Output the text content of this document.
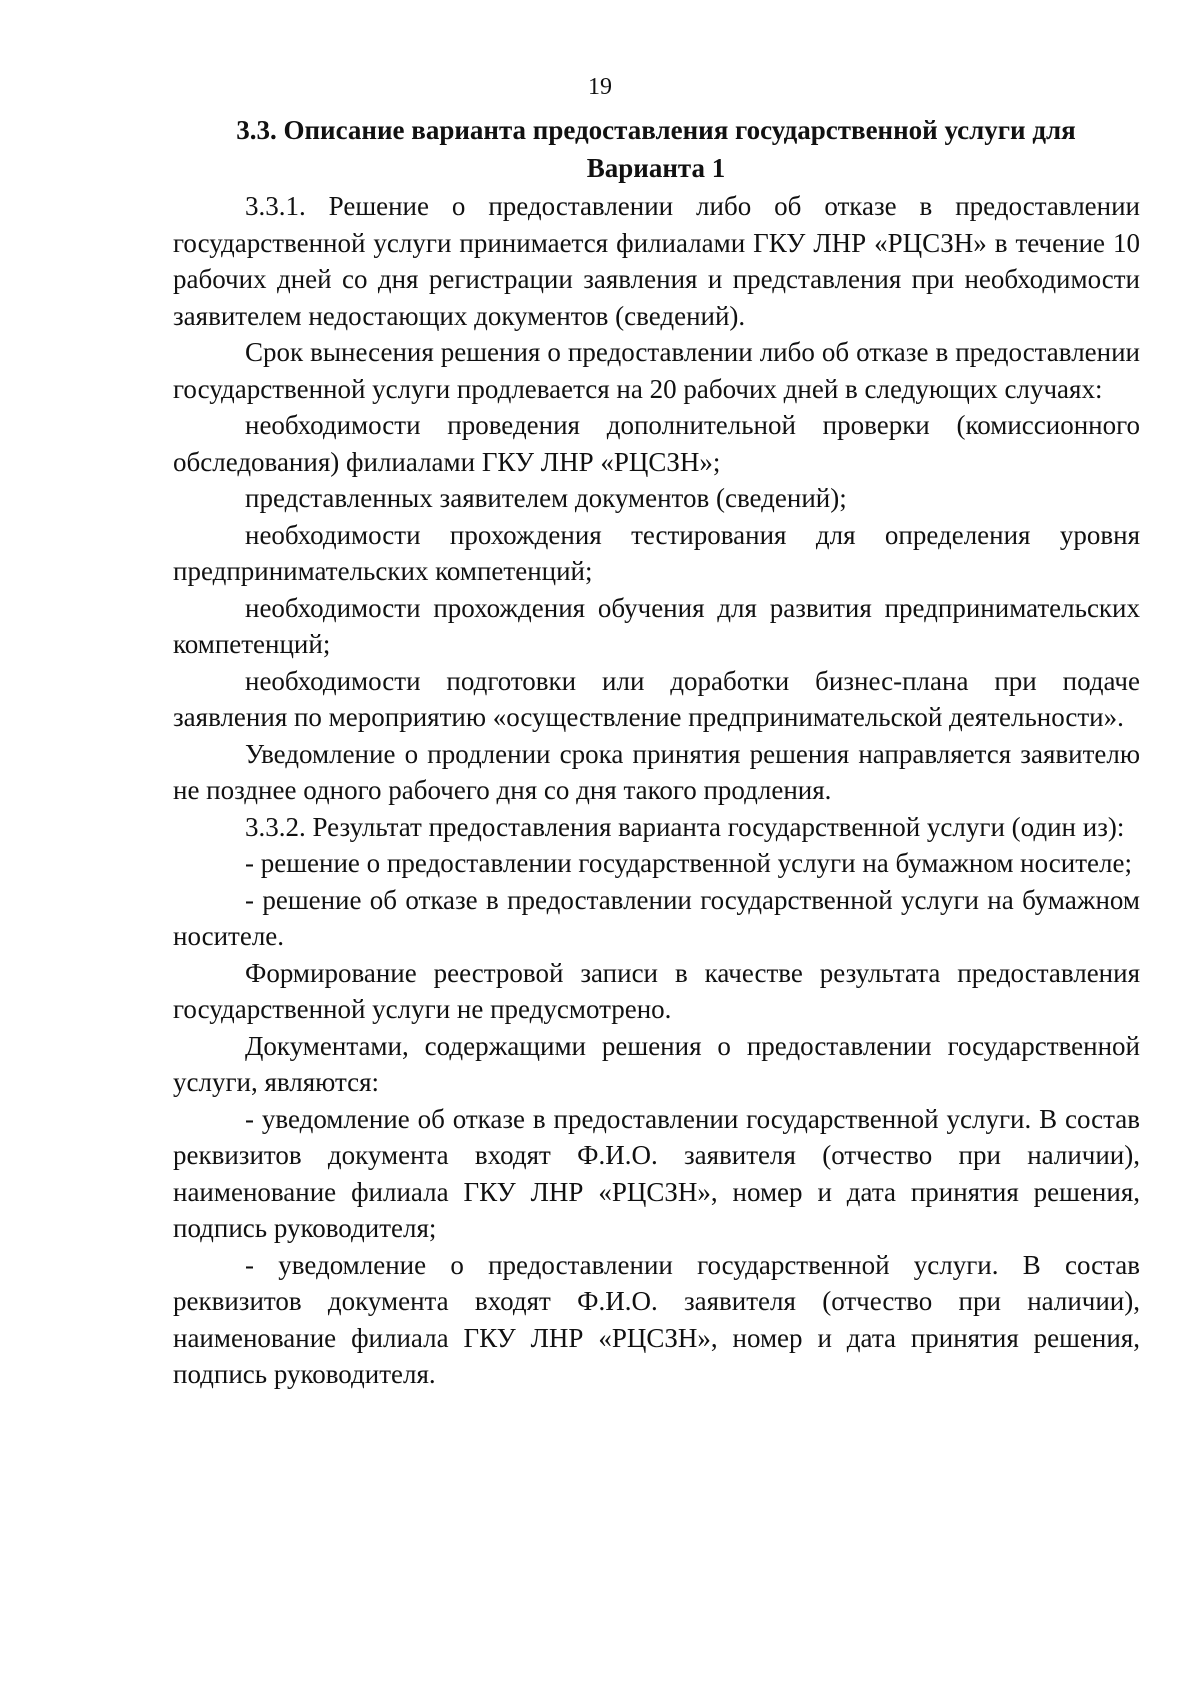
19
3.3. Описание варианта предоставления государственной услуги для
Варианта 1

3.3.1. Решение о предоставлении либо об отказе в предоставлении государственной услуги принимается филиалами ГКУ ЛНР «РЦСЗН» в течение 10 рабочих дней со дня регистрации заявления и представления при необходимости заявителем недостающих документов (сведений).

Срок вынесения решения о предоставлении либо об отказе в предоставлении государственной услуги продлевается на 20 рабочих дней в следующих случаях:

необходимости проведения дополнительной проверки (комиссионного обследования) филиалами ГКУ ЛНР «РЦСЗН»;

представленных заявителем документов (сведений);

необходимости прохождения тестирования для определения уровня предпринимательских компетенций;

необходимости прохождения обучения для развития предпринимательских компетенций;

необходимости подготовки или доработки бизнес-плана при подаче заявления по мероприятию «осуществление предпринимательской деятельности».

Уведомление о продлении срока принятия решения направляется заявителю не позднее одного рабочего дня со дня такого продления.

3.3.2. Результат предоставления варианта государственной услуги (один из):

- решение о предоставлении государственной услуги на бумажном носителе;

- решение об отказе в предоставлении государственной услуги на бумажном носителе.

Формирование реестровой записи в качестве результата предоставления государственной услуги не предусмотрено.

Документами, содержащими решения о предоставлении государственной услуги, являются:

- уведомление об отказе в предоставлении государственной услуги. В состав реквизитов документа входят Ф.И.О. заявителя (отчество при наличии), наименование филиала ГКУ ЛНР «РЦСЗН», номер и дата принятия решения, подпись руководителя;

- уведомление о предоставлении государственной услуги. В состав реквизитов документа входят Ф.И.О. заявителя (отчество при наличии), наименование филиала ГКУ ЛНР «РЦСЗН», номер и дата принятия решения, подпись руководителя.
